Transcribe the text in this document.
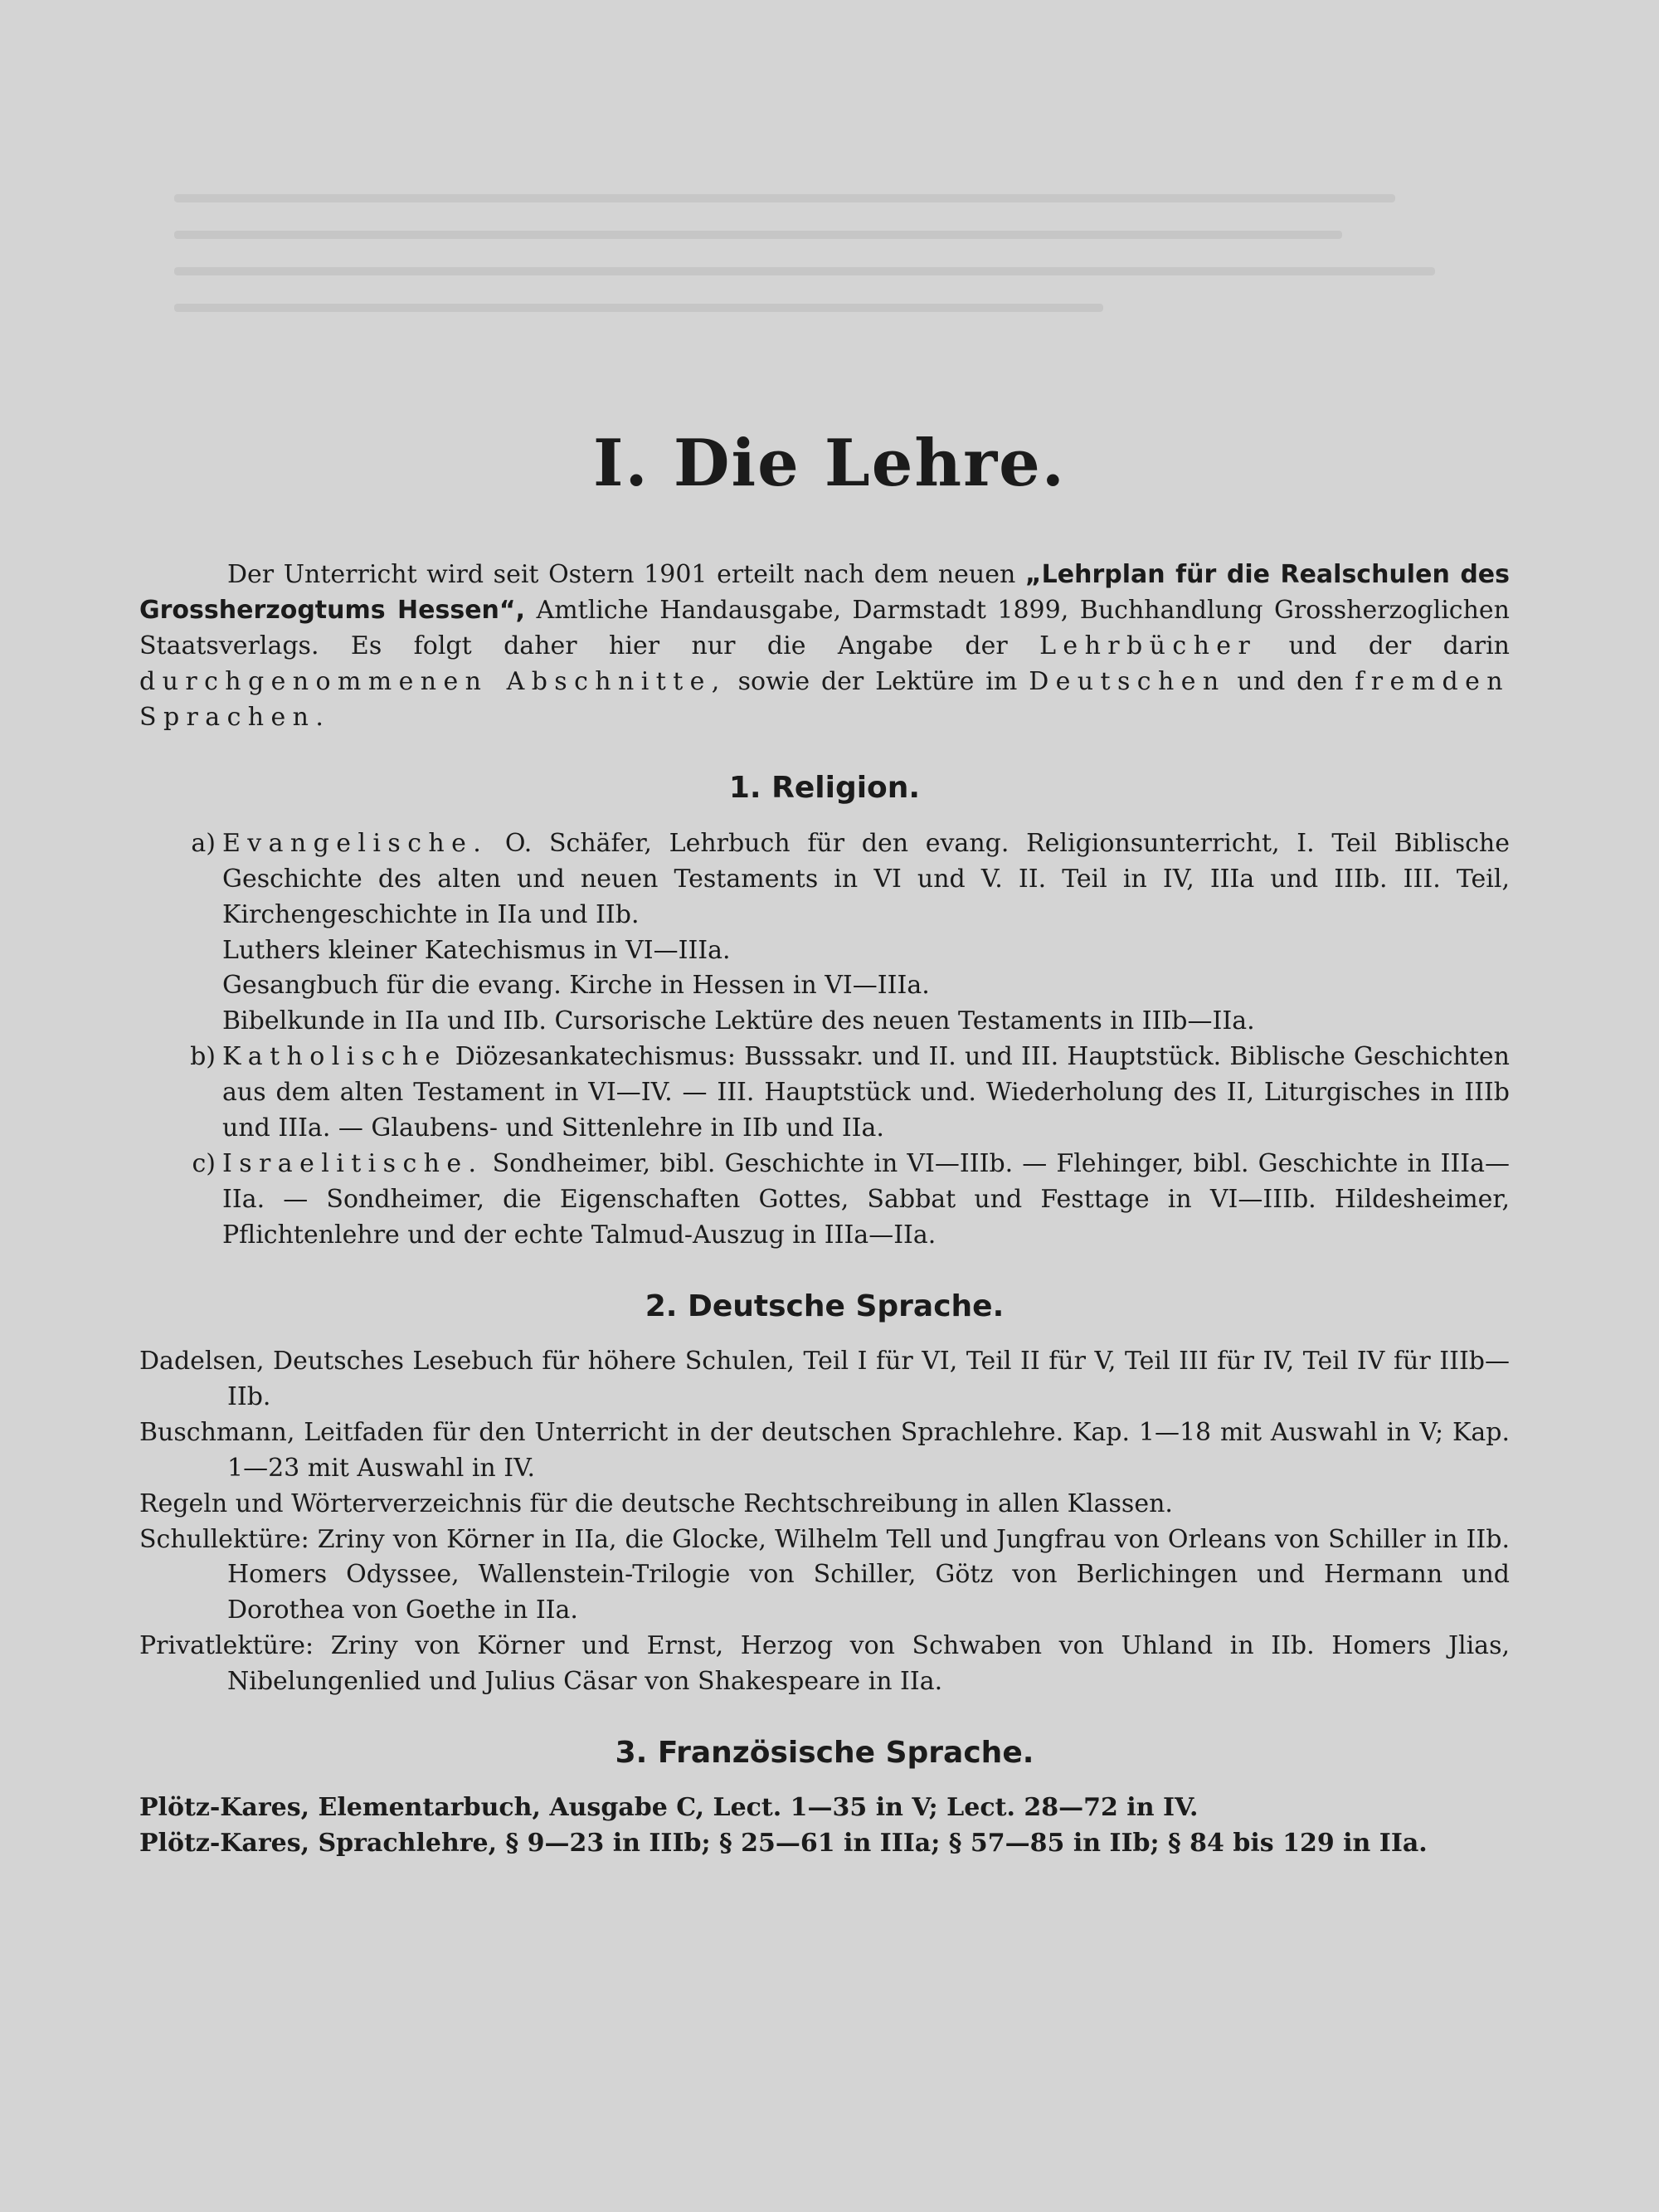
I. Die Lehre.

Der Unterricht wird seit Ostern 1901 erteilt nach dem neuen „Lehrplan für die Realschulen des Grossherzogtums Hessen“, Amtliche Handausgabe, Darmstadt 1899, Buchhandlung Grossherzoglichen Staatsverlags. Es folgt daher hier nur die Angabe der Lehrbücher und der darin durchgenommenen Abschnitte, sowie der Lektüre im Deutschen und den fremden Sprachen.

1. Religion.
a) Evangelische. O. Schäfer, Lehrbuch für den evang. Religionsunterricht, I. Teil Biblische Geschichte des alten und neuen Testaments in VI und V. II. Teil in IV, IIIa und IIIb. III. Teil, Kirchengeschichte in IIa und IIb.

Luthers kleiner Katechismus in VI—IIIa.

Gesangbuch für die evang. Kirche in Hessen in VI—IIIa.

Bibelkunde in IIa und IIb. Cursorische Lektüre des neuen Testaments in IIIb—IIa.

b) Katholische Diözesankatechismus: Busssakr. und II. und III. Hauptstück. Biblische Geschichten aus dem alten Testament in VI—IV. — III. Hauptstück und. Wiederholung des II, Liturgisches in IIIb und IIIa. — Glaubens- und Sittenlehre in IIb und IIa.
c) Israelitische. Sondheimer, bibl. Geschichte in VI—IIIb. — Flehinger, bibl. Geschichte in IIIa—IIa. — Sondheimer, die Eigenschaften Gottes, Sabbat und Festtage in VI—IIIb. Hildesheimer, Pflichtenlehre und der echte Talmud-Auszug in IIIa—IIa.
2. Deutsche Sprache.

Dadelsen, Deutsches Lesebuch für höhere Schulen, Teil I für VI, Teil II für V, Teil III für IV, Teil IV für IIIb—IIb.

Buschmann, Leitfaden für den Unterricht in der deutschen Sprachlehre. Kap. 1—18 mit Auswahl in V; Kap. 1—23 mit Auswahl in IV.

Regeln und Wörterverzeichnis für die deutsche Rechtschreibung in allen Klassen.

Schullektüre: Zriny von Körner in IIa, die Glocke, Wilhelm Tell und Jungfrau von Orleans von Schiller in IIb. Homers Odyssee, Wallenstein-Trilogie von Schiller, Götz von Berlichingen und Hermann und Dorothea von Goethe in IIa.

Privatlektüre: Zriny von Körner und Ernst, Herzog von Schwaben von Uhland in IIb. Homers Jlias, Nibelungenlied und Julius Cäsar von Shakespeare in IIa.

3. Französische Sprache.

Plötz-Kares, Elementarbuch, Ausgabe C, Lect. 1—35 in V; Lect. 28—72 in IV.

Plötz-Kares, Sprachlehre, § 9—23 in IIIb; § 25—61 in IIIa; § 57—85 in IIb; § 84 bis 129 in IIa.
